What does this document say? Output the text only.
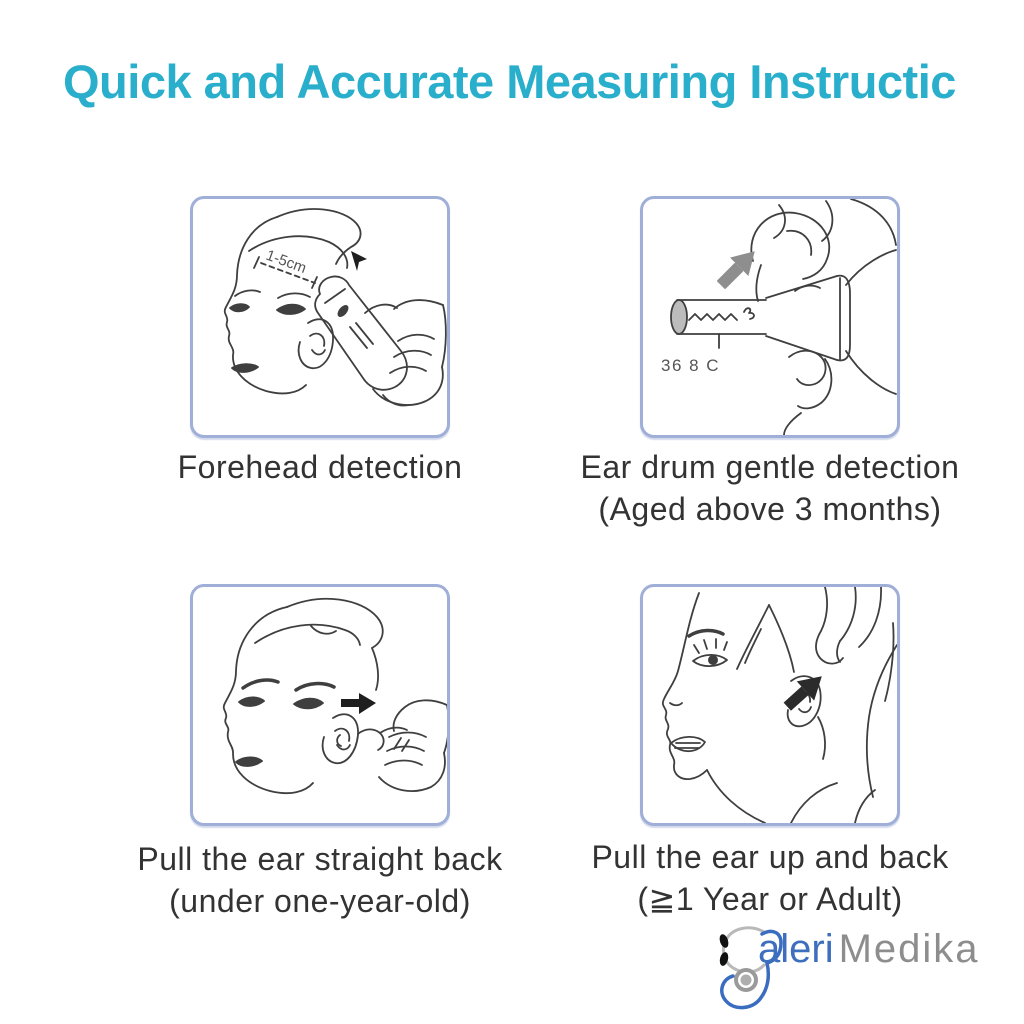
Quick and Accurate Measuring Instructic
1-5cm
36 8 C
Forehead detection	Ear drum gentle detection
(Aged above 3 months)
Pull the ear straight back
(under one-year-old)
Pull the ear up and back
(≧1 Year or Adult)
aleri Medika
